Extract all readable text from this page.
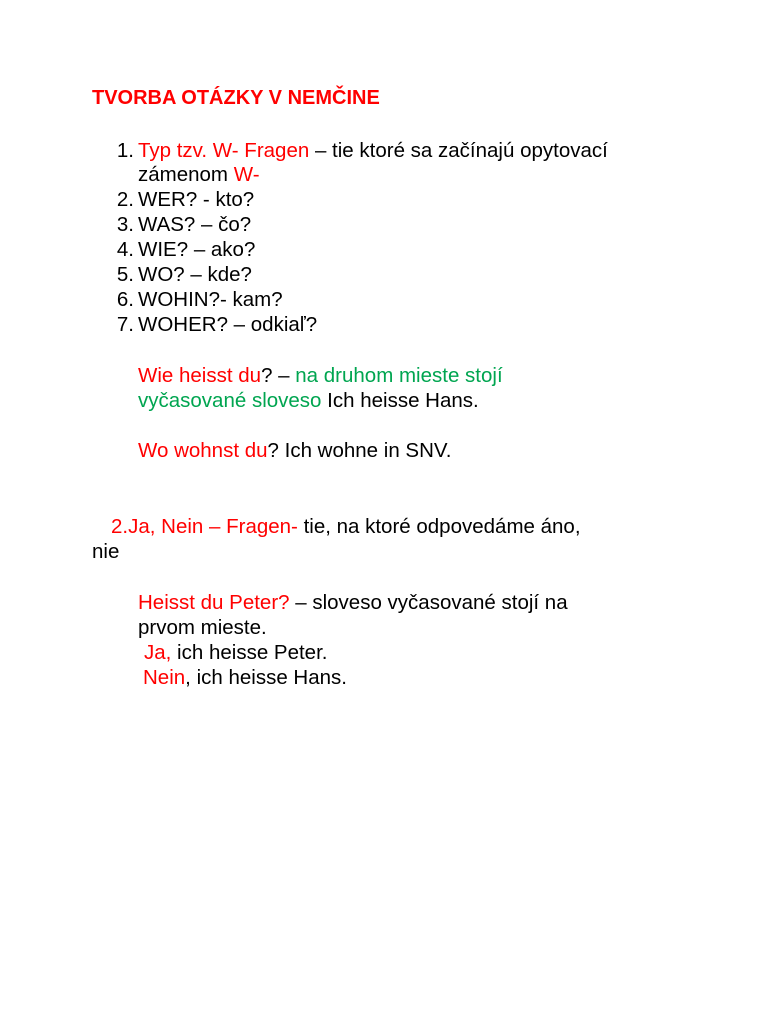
TVORBA OTÁZKY V NEMČINE
1. Typ tzv. W- Fragen – tie ktoré sa začínajú opytovací
zámenom W-
2. WER? - kto?
3. WAS? – čo?
4. WIE? – ako?
5. WO? – kde?
6. WOHIN?- kam?
7. WOHER? – odkiaľ?
Wie heisst du? – na druhom mieste stojí
vyčasované sloveso Ich heisse Hans.
Wo wohnst du? Ich wohne in SNV.
2.Ja, Nein – Fragen- tie, na ktoré odpovedáme áno,
nie
Heisst du Peter? – sloveso vyčasované stojí na
prvom mieste.
Ja, ich heisse Peter.
Nein, ich heisse Hans.
